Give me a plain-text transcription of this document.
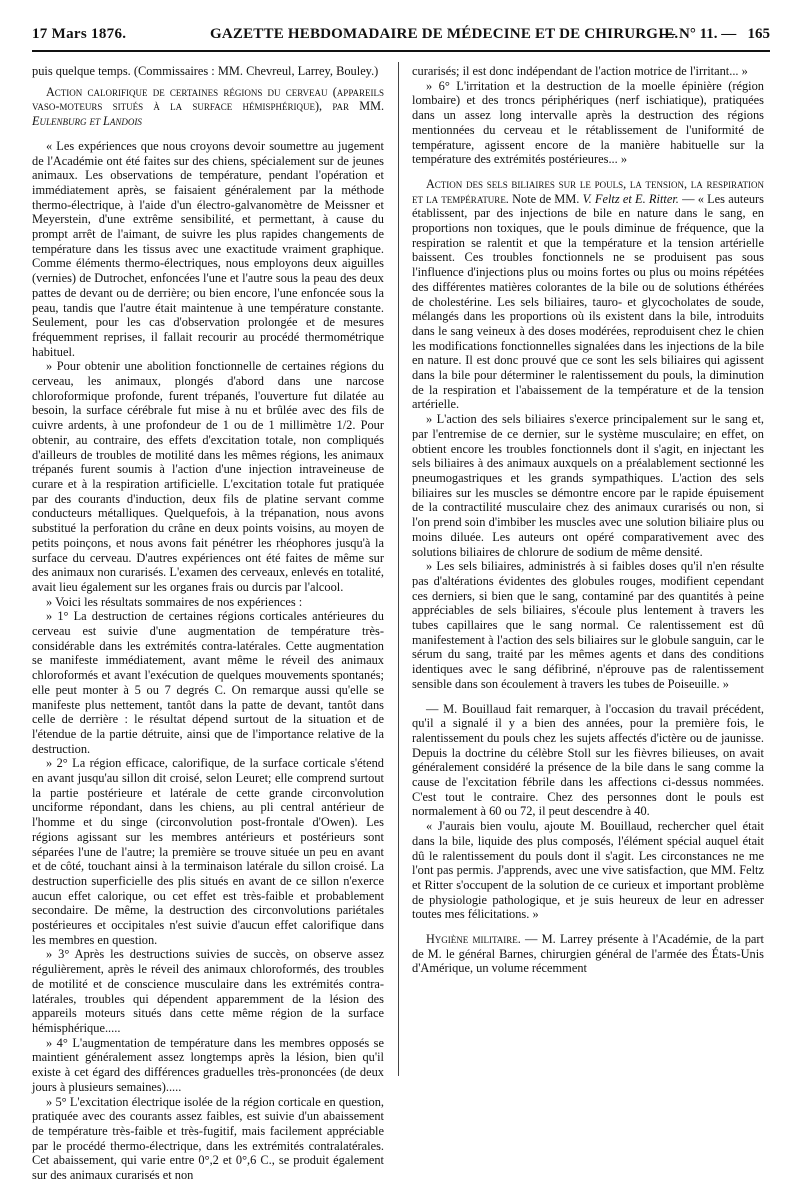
17 Mars 1876.	GAZETTE HEBDOMADAIRE DE MÉDECINE ET DE CHIRURGIE.
— N° 11. — 165

puis quelque temps. (Commissaires : MM. Chevreul, Larrey, Bouley.)

Action calorifique de certaines régions du cerveau (appareils vaso-moteurs situés à la surface hémisphérique), par MM. Eulenburg et Landois

« Les expériences que nous croyons devoir soumettre au jugement de l'Académie ont été faites sur des chiens, spécialement sur de jeunes animaux. Les observations de température, pendant l'opération et immédiatement après, se faisaient généralement par la méthode thermo-électrique, à l'aide d'un électro-galvanomètre de Meissner et Meyerstein, d'une extrême sensibilité, et permettant, à cause du prompt arrêt de l'aimant, de suivre les plus rapides changements de température dans les tissus avec une exactitude vraiment graphique. Comme éléments thermo-électriques, nous employons deux aiguilles (vernies) de Dutrochet, enfoncées l'une et l'autre sous la peau des deux pattes de devant ou de derrière; ou bien encore, l'une enfoncée sous la peau, tandis que l'autre était maintenue à une température constante. Seulement, pour les cas d'observation prolongée et de mesures fréquemment reprises, il fallait recourir au procédé thermométrique habituel.

» Pour obtenir une abolition fonctionnelle de certaines régions du cerveau, les animaux, plongés d'abord dans une narcose chloroformique profonde, furent trépanés, l'ouverture fut dilatée au besoin, la surface cérébrale fut mise à nu et brûlée avec des fils de cuivre ardents, à une profondeur de 1 ou de 1 millimètre 1/2. Pour obtenir, au contraire, des effets d'excitation totale, non compliqués d'ailleurs de troubles de motilité dans les mêmes régions, les animaux trépanés furent soumis à l'action d'une injection intraveineuse de curare et à la respiration artificielle. L'excitation totale fut pratiquée par des courants d'induction, deux fils de platine servant comme conducteurs métalliques. Quelquefois, à la trépanation, nous avons substitué la perforation du crâne en deux points voisins, au moyen de petits poinçons, et nous avons fait pénétrer les rhéophores jusqu'à la surface du cerveau. D'autres expériences ont été faites de même sur des animaux non curarisés. L'examen des cerveaux, enlevés en totalité, avait lieu également sur les organes frais ou durcis par l'alcool.

» Voici les résultats sommaires de nos expériences :

» 1° La destruction de certaines régions corticales antérieures du cerveau est suivie d'une augmentation de température très-considérable dans les extrémités contra-latérales. Cette augmentation se manifeste immédiatement, avant même le réveil des animaux chloroformés et avant l'exécution de quelques mouvements spontanés; elle peut monter à 5 ou 7 degrés C. On remarque aussi qu'elle se manifeste plus nettement, tantôt dans la patte de devant, tantôt dans celle de derrière : le résultat dépend surtout de la situation et de l'étendue de la partie détruite, ainsi que de l'importance relative de la destruction.

» 2° La région efficace, calorifique, de la surface corticale s'étend en avant jusqu'au sillon dit croisé, selon Leuret; elle comprend surtout la partie postérieure et latérale de cette grande circonvolution unciforme répondant, dans les chiens, au pli central antérieur de l'homme et du singe (circonvolution post-frontale d'Owen). Les régions agissant sur les membres antérieurs et postérieurs sont séparées l'une de l'autre; la première se trouve située un peu en avant et de côté, touchant ainsi à la terminaison latérale du sillon croisé. La destruction superficielle des plis situés en avant de ce sillon n'exerce aucun effet calorique, ou cet effet est très-faible et probablement secondaire. De même, la destruction des circonvolutions pariétales postérieures et occipitales n'est suivie d'aucun effet calorifique dans les membres en question.

» 3° Après les destructions suivies de succès, on observe assez régulièrement, après le réveil des animaux chloroformés, des troubles de motilité et de conscience musculaire dans les extrémités contra-latérales, troubles qui dépendent apparemment de la lésion des appareils moteurs situés dans cette même région de la surface hémisphérique.....

» 4° L'augmentation de température dans les membres opposés se maintient généralement assez longtemps après la lésion, bien qu'il existe à cet égard des différences graduelles très-prononcées (de deux jours à plusieurs semaines).....

» 5° L'excitation électrique isolée de la région corticale en question, pratiquée avec des courants assez faibles, est suivie d'un abaissement de température très-faible et très-fugitif, mais facilement appréciable par le procédé thermo-électrique, dans les extrémités contralatérales. Cet abaissement, qui varie entre 0°,2 et 0°,6 C., se produit également sur des animaux curarisés et non

curarisés; il est donc indépendant de l'action motrice de l'irritant... »

» 6° L'irritation et la destruction de la moelle épinière (région lombaire) et des troncs périphériques (nerf ischiatique), pratiquées dans un assez long intervalle après la destruction des régions mentionnées du cerveau et le rétablissement de l'uniformité de température, agissent encore de la manière habituelle sur la température des extrémités postérieures... »

Action des sels biliaires sur le pouls, la tension, la respiration et la température. Note de MM. V. Feltz et E. Ritter. — « Les auteurs établissent, par des injections de bile en nature dans le sang, en proportions non toxiques, que le pouls diminue de fréquence, que la respiration se ralentit et que la température et la tension artérielle baissent. Ces troubles fonctionnels ne se produisent pas sous l'influence d'injections plus ou moins fortes ou plus ou moins répétées des différentes matières colorantes de la bile ou de solutions éthérées de cholestérine. Les sels biliaires, tauro- et glycocholates de soude, mélangés dans les proportions où ils existent dans la bile, introduits dans le sang veineux à des doses modérées, reproduisent chez le chien les modifications fonctionnelles signalées dans les injections de la bile en nature. Il est donc prouvé que ce sont les sels biliaires qui agissent dans la bile pour déterminer le ralentissement du pouls, la diminution de la respiration et l'abaissement de la température et de la tension artérielle.

» L'action des sels biliaires s'exerce principalement sur le sang et, par l'entremise de ce dernier, sur le système musculaire; en effet, on obtient encore les troubles fonctionnels dont il s'agit, en injectant les sels biliaires à des animaux auxquels on a préalablement sectionné les pneumogastriques et les grands sympathiques. L'action des sels biliaires sur les muscles se démontre encore par le rapide épuisement de la contractilité musculaire chez des animaux curarisés ou non, si l'on prend soin d'imbiber les muscles avec une solution biliaire plus ou moins diluée. Les auteurs ont opéré comparativement avec des solutions biliaires de chlorure de sodium de même densité.

» Les sels biliaires, administrés à si faibles doses qu'il n'en résulte pas d'altérations évidentes des globules rouges, modifient cependant ces derniers, si bien que le sang, contaminé par des quantités à peine appréciables de sels biliaires, s'écoule plus lentement à travers les tubes capillaires que le sang normal. Ce ralentissement est dû manifestement à l'action des sels biliaires sur le globule sanguin, car le sérum du sang, traité par les mêmes agents et dans des conditions identiques avec le sang défibriné, n'éprouve pas de ralentissement sensible dans son écoulement à travers les tubes de Poiseuille. »

— M. Bouillaud fait remarquer, à l'occasion du travail précédent, qu'il a signalé il y a bien des années, pour la première fois, le ralentissement du pouls chez les sujets affectés d'ictère ou de jaunisse. Depuis la doctrine du célèbre Stoll sur les fièvres bilieuses, on avait généralement considéré la présence de la bile dans le sang comme la cause de l'excitation fébrile dans les affections ci-dessus nommées. C'est tout le contraire. Chez des personnes dont le pouls est normalement à 60 ou 72, il peut descendre à 40.

« J'aurais bien voulu, ajoute M. Bouillaud, rechercher quel était dans la bile, liquide des plus composés, l'élément spécial auquel était dû le ralentissement du pouls dont il s'agit. Les circonstances ne me l'ont pas permis. J'apprends, avec une vive satisfaction, que MM. Feltz et Ritter s'occupent de la solution de ce curieux et important problème de physiologie pathologique, et je suis heureux de leur en adresser toutes mes félicitations. »

Hygiène militaire. — M. Larrey présente à l'Académie, de la part de M. le général Barnes, chirurgien général de l'armée des États-Unis d'Amérique, un volume récemment
